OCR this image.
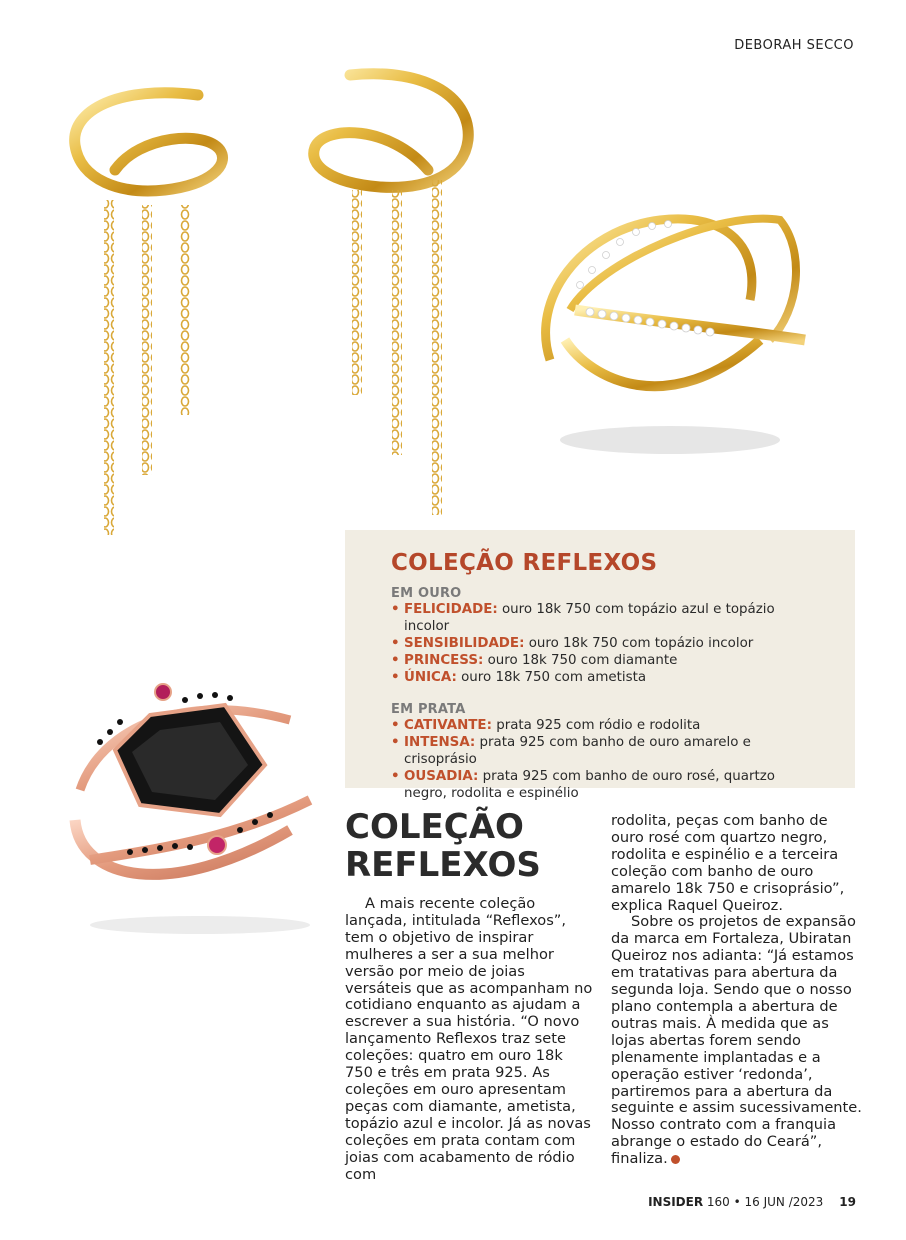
DEBORAH SECCO
COLEÇÃO REFLEXOS
EM OURO
• FELICIDADE: ouro 18k 750 com topázio azul e topázio incolor
• SENSIBILIDADE: ouro 18k 750 com topázio incolor
• PRINCESS: ouro 18k 750 com diamante
• ÚNICA: ouro 18k 750 com ametista
EM PRATA
• CATIVANTE: prata 925 com ródio e rodolita
• INTENSA: prata 925 com banho de ouro amarelo e crisoprásio
• OUSADIA: prata 925 com banho de ouro rosé, quartzo negro, rodolita e espinélio
COLEÇÃO
REFLEXOS

A mais recente coleção lançada, intitulada “Reflexos”, tem o objetivo de inspirar mulheres a ser a sua melhor versão por meio de joias versáteis que as acompanham no cotidiano enquanto as ajudam a escrever a sua história. “O novo lançamento Reflexos traz sete coleções: quatro em ouro 18k 750 e três em prata 925. As coleções em ouro apresentam peças com diamante, ametista, topázio azul e incolor. Já as novas coleções em prata contam com joias com acabamento de ródio com

rodolita, peças com banho de ouro rosé com quartzo negro, rodolita e espinélio e a terceira coleção com banho de ouro amarelo 18k 750 e crisoprásio”, explica Raquel Queiroz.

Sobre os projetos de expansão da marca em Fortaleza, Ubiratan Queiroz nos adianta: “Já estamos em tratativas para abertura da segunda loja. Sendo que o nosso plano contempla a abertura de outras mais. À medida que as lojas abertas forem sendo plenamente implantadas e a operação estiver ‘redonda’, partiremos para a abertura da seguinte e assim sucessivamente. Nosso contrato com a franquia abrange o estado do Ceará”, finaliza.

INSIDER 160 • 16 JUN /2023 19
